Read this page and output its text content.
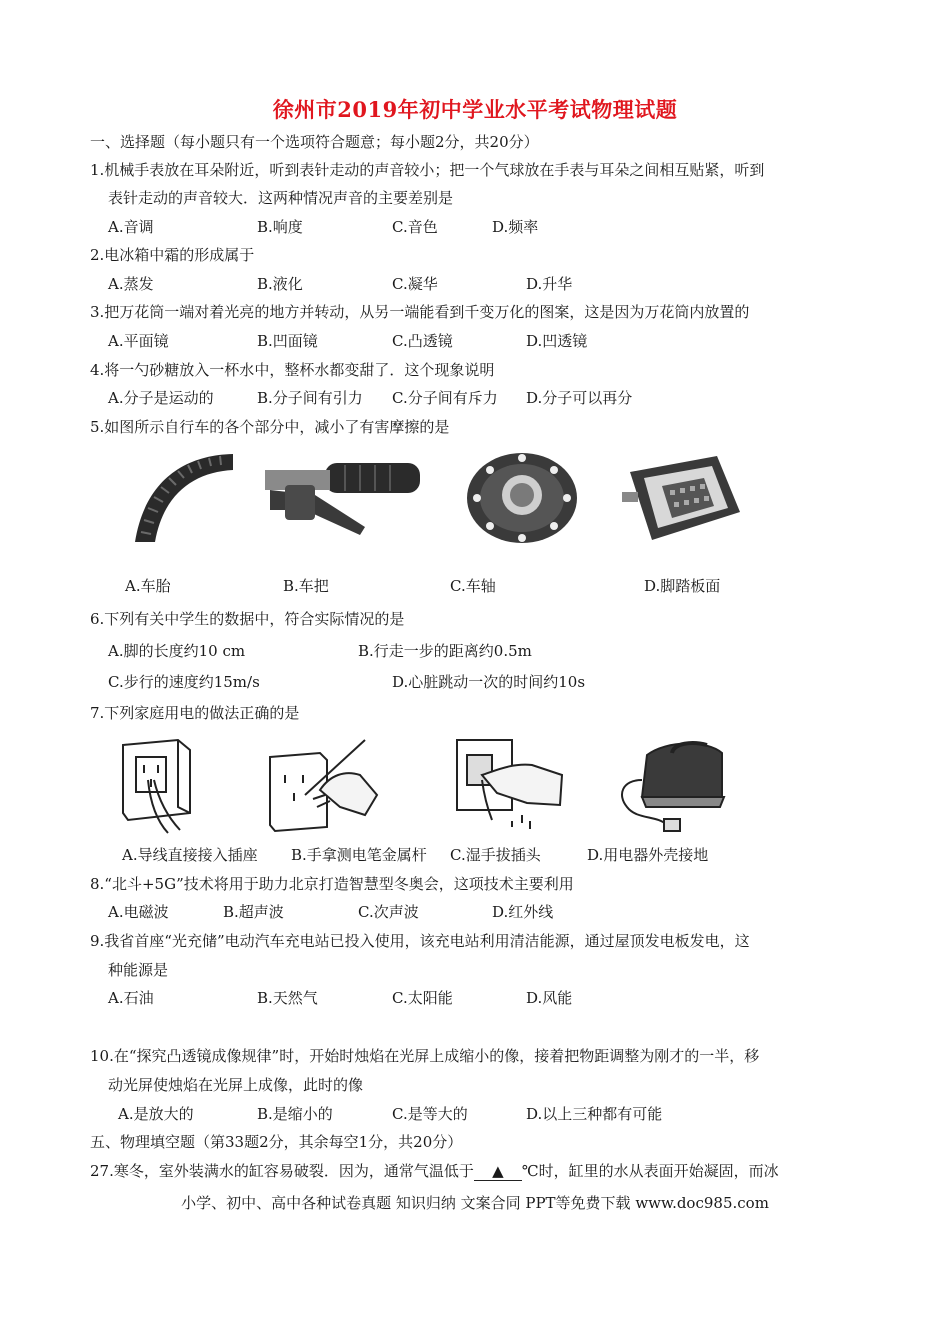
徐州市2019年初中学业水平考试物理试题
一、选择题（每小题只有一个选项符合题意；每小题2分，共20分）
1.机械手表放在耳朵附近，听到表针走动的声音较小；把一个气球放在手表与耳朵之间相互贴紧，听到
表针走动的声音较大．这两种情况声音的主要差别是
A.音调	B.响度	C.音色	D.频率
2.电冰箱中霜的形成属于
A.蒸发	B.液化	C.凝华	D.升华
3.把万花筒一端对着光亮的地方并转动，从另一端能看到千变万化的图案，这是因为万花筒内放置的
A.平面镜	B.凹面镜	C.凸透镜	D.凹透镜
4.将一勺砂糖放入一杯水中，整杯水都变甜了．这个现象说明
A.分子是运动的	B.分子间有引力 C.分子间有斥力 D.分子可以再分
5.如图所示自行车的各个部分中，减小了有害摩擦的是
A.车胎	B.车把	C.车轴	D.脚踏板面
6.下列有关中学生的数据中，符合实际情况的是
A.脚的长度约10 cm	B.行走一步的距离约0.5m
C.步行的速度约15m/s	D.心脏跳动一次的时间约10s
7.下列家庭用电的做法正确的是
A.导线直接接入插座 B.手拿测电笔金属杆 C.湿手拔插头	D.用电器外壳接地
8.“北斗+5G”技术将用于助力北京打造智慧型冬奥会，这项技术主要利用
A.电磁波	B.超声波	C.次声波	D.红外线
9.我省首座“光充储”电动汽车充电站已投入使用，该充电站利用清洁能源，通过屋顶发电板发电，这
种能源是
A.石油	B.天然气	C.太阳能	D.风能
10.在“探究凸透镜成像规律”时，开始时烛焰在光屏上成缩小的像，接着把物距调整为刚才的一半，移
动光屏使烛焰在光屏上成像，此时的像
A.是放大的	B.是缩小的	C.是等大的	D.以上三种都有可能
五、物理填空题（第33题2分，其余每空1分，共20分）
27.寒冬，室外装满水的缸容易破裂．因为，通常气温低于 ▲ ℃时，缸里的水从表面开始凝固，而冰
小学、初中、高中各种试卷真题 知识归纳 文案合同 PPT等免费下载 www.doc985.com
